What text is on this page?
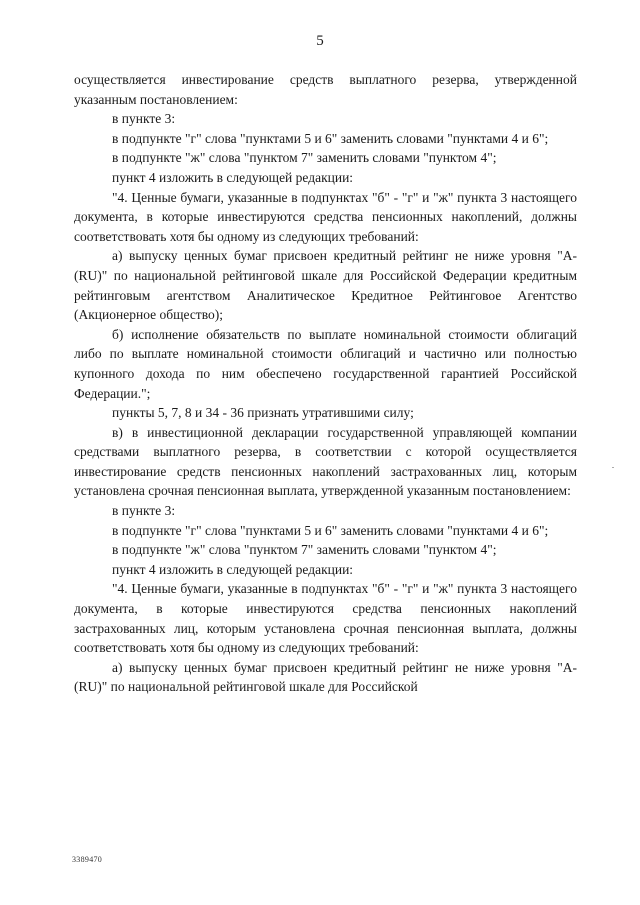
5

осуществляется инвестирование средств выплатного резерва, утвержденной указанным постановлением:

в пункте 3:

в подпункте "г" слова "пунктами 5 и 6" заменить словами "пунктами 4 и 6";

в подпункте "ж" слова "пунктом 7" заменить словами "пунктом 4";

пункт 4 изложить в следующей редакции:

"4. Ценные бумаги, указанные в подпунктах "б" - "г" и "ж" пункта 3 настоящего документа, в которые инвестируются средства пенсионных накоплений, должны соответствовать хотя бы одному из следующих требований:

а) выпуску ценных бумаг присвоен кредитный рейтинг не ниже уровня "A-(RU)" по национальной рейтинговой шкале для Российской Федерации кредитным рейтинговым агентством Аналитическое Кредитное Рейтинговое Агентство (Акционерное общество);

б) исполнение обязательств по выплате номинальной стоимости облигаций либо по выплате номинальной стоимости облигаций и частично или полностью купонного дохода по ним обеспечено государственной гарантией Российской Федерации.";

пункты 5, 7, 8 и 34 - 36 признать утратившими силу;

в) в инвестиционной декларации государственной управляющей компании средствами выплатного резерва, в соответствии с которой осуществляется инвестирование средств пенсионных накоплений застрахованных лиц, которым установлена срочная пенсионная выплата, утвержденной указанным постановлением:

в пункте 3:

в подпункте "г" слова "пунктами 5 и 6" заменить словами "пунктами 4 и 6";

в подпункте "ж" слова "пунктом 7" заменить словами "пунктом 4";

пункт 4 изложить в следующей редакции:

"4. Ценные бумаги, указанные в подпунктах "б" - "г" и "ж" пункта 3 настоящего документа, в которые инвестируются средства пенсионных накоплений застрахованных лиц, которым установлена срочная пенсионная выплата, должны соответствовать хотя бы одному из следующих требований:

а) выпуску ценных бумаг присвоен кредитный рейтинг не ниже уровня "A-(RU)" по национальной рейтинговой шкале для Российской

3389470
